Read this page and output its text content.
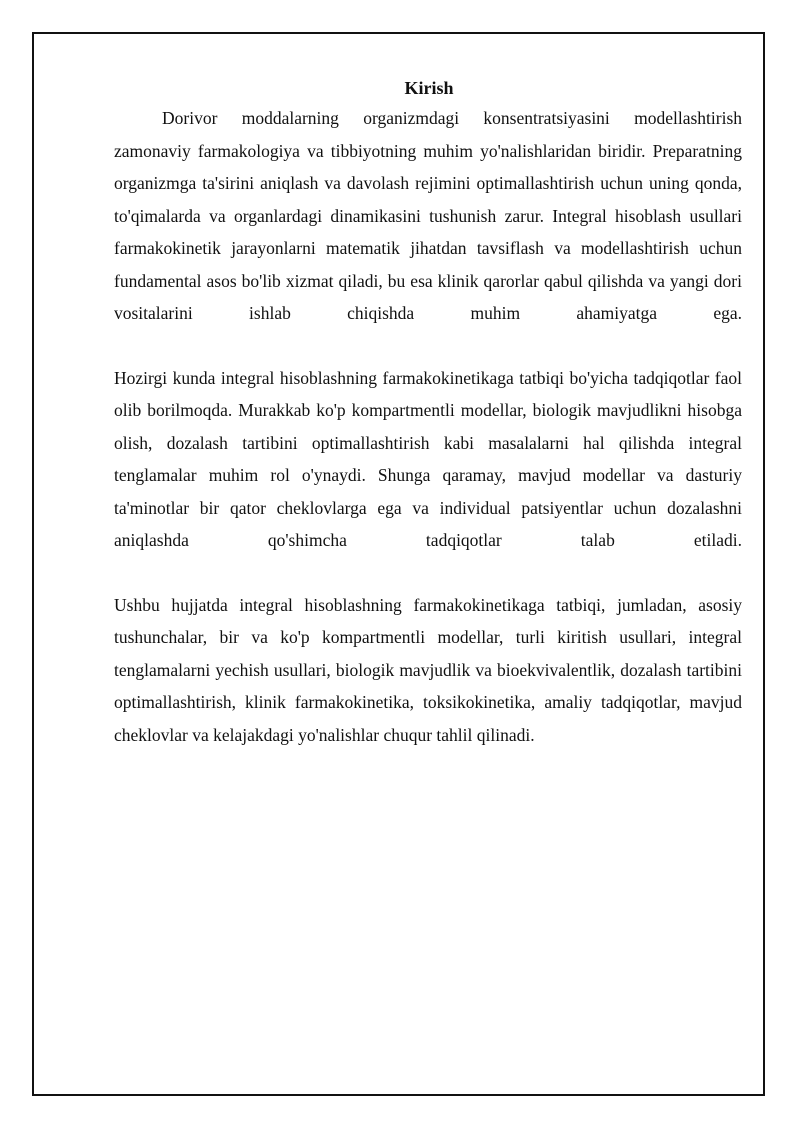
Kirish

Dorivor moddalarning organizmdagi konsentratsiyasini modellashtirish zamonaviy farmakologiya va tibbiyotning muhim yo'nalishlaridan biridir. Preparatning organizmga ta'sirini aniqlash va davolash rejimini optimallashtirish uchun uning qonda, to'qimalarda va organlardagi dinamikasini tushunish zarur. Integral hisoblash usullari farmakokinetik jarayonlarni matematik jihatdan tavsiflash va modellashtirish uchun fundamental asos bo'lib xizmat qiladi, bu esa klinik qarorlar qabul qilishda va yangi dori vositalarini ishlab chiqishda muhim ahamiyatga ega.

Hozirgi kunda integral hisoblashning farmakokinetikaga tatbiqi bo'yicha tadqiqotlar faol olib borilmoqda. Murakkab ko'p kompartmentli modellar, biologik mavjudlikni hisobga olish, dozalash tartibini optimallashtirish kabi masalalarni hal qilishda integral tenglamalar muhim rol o'ynaydi. Shunga qaramay, mavjud modellar va dasturiy ta'minotlar bir qator cheklovlarga ega va individual patsiyentlar uchun dozalashni aniqlashda qo'shimcha tadqiqotlar talab etiladi.

Ushbu hujjatda integral hisoblashning farmakokinetikaga tatbiqi, jumladan, asosiy tushunchalar, bir va ko'p kompartmentli modellar, turli kiritish usullari, integral tenglamalarni yechish usullari, biologik mavjudlik va bioekvivalentlik, dozalash tartibini optimallashtirish, klinik farmakokinetika, toksikokinetika, amaliy tadqiqotlar, mavjud cheklovlar va kelajakdagi yo'nalishlar chuqur tahlil qilinadi.
